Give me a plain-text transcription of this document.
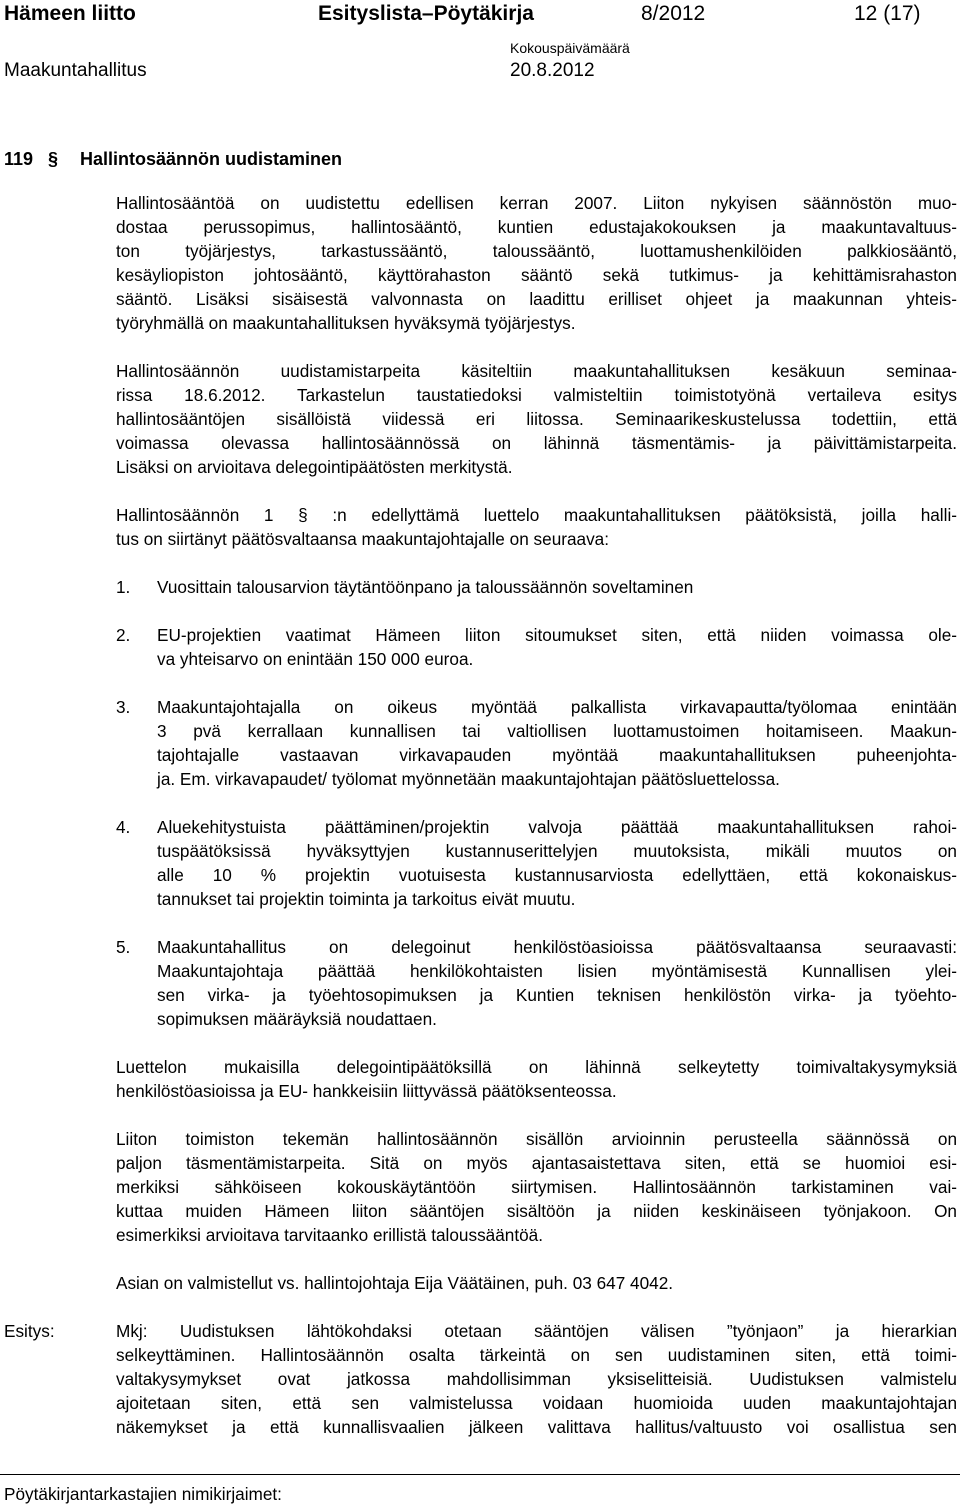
Hämeen liitto	Esityslista–Pöytäkirja	8/2012	12 (17)
Kokouspäivämäärä
Maakuntahallitus	20.8.2012
119 § Hallintosäännön uudistaminen
Hallintosääntöä on uudistettu edellisen kerran 2007. Liiton nykyisen säännöstön muo-
dostaa perussopimus, hallintosääntö, kuntien edustajakokouksen ja maakuntavaltuus-
ton työjärjestys, tarkastussääntö, taloussääntö, luottamushenkilöiden palkkiosääntö,
kesäyliopiston johtosääntö, käyttörahaston sääntö sekä tutkimus- ja kehittämisrahaston
sääntö. Lisäksi sisäisestä valvonnasta on laadittu erilliset ohjeet ja maakunnan yhteis-
työryhmällä on maakuntahallituksen hyväksymä työjärjestys.
Hallintosäännön uudistamistarpeita käsiteltiin maakuntahallituksen kesäkuun seminaa-
rissa 18.6.2012. Tarkastelun taustatiedoksi valmisteltiin toimistotyönä vertaileva esitys
hallintosääntöjen sisällöistä viidessä eri liitossa. Seminaarikeskustelussa todettiin, että
voimassa olevassa hallintosäännössä on lähinnä täsmentämis- ja päivittämistarpeita.
Lisäksi on arvioitava delegointipäätösten merkitystä.
Hallintosäännön 1 § :n edellyttämä luettelo maakuntahallituksen päätöksistä, joilla halli-
tus on siirtänyt päätösvaltaansa maakuntajohtajalle on seuraava:
1. Vuosittain talousarvion täytäntöönpano ja taloussäännön soveltaminen
2. EU-projektien vaatimat Hämeen liiton sitoumukset siten, että niiden voimassa ole-
va yhteisarvo on enintään 150 000 euroa.
3. Maakuntajohtajalla on oikeus myöntää palkallista virkavapautta/työlomaa enintään
3 pvä kerrallaan kunnallisen tai valtiollisen luottamustoimen hoitamiseen. Maakun-
tajohtajalle vastaavan virkavapauden myöntää maakuntahallituksen puheenjohta-
ja. Em. virkavapaudet/ työlomat myönnetään maakuntajohtajan päätösluettelossa.
4. Aluekehitystuista päättäminen/projektin valvoja päättää maakuntahallituksen rahoi-
tuspäätöksissä hyväksyttyjen kustannuserittelyjen muutoksista, mikäli muutos on
alle 10 % projektin vuotuisesta kustannusarviosta edellyttäen, että kokonaiskus-
tannukset tai projektin toiminta ja tarkoitus eivät muutu.
5. Maakuntahallitus on delegoinut henkilöstöasioissa päätösvaltaansa seuraavasti:
Maakuntajohtaja päättää henkilökohtaisten lisien myöntämisestä Kunnallisen ylei-
sen virka- ja työehtosopimuksen ja Kuntien teknisen henkilöstön virka- ja työehto-
sopimuksen määräyksiä noudattaen.
Luettelon mukaisilla delegointipäätöksillä on lähinnä selkeytetty toimivaltakysymyksiä
henkilöstöasioissa ja EU- hankkeisiin liittyvässä päätöksenteossa.
Liiton toimiston tekemän hallintosäännön sisällön arvioinnin perusteella säännössä on
paljon täsmentämistarpeita. Sitä on myös ajantasaistettava siten, että se huomioi esi-
merkiksi sähköiseen kokouskäytäntöön siirtymisen. Hallintosäännön tarkistaminen vai-
kuttaa muiden Hämeen liiton sääntöjen sisältöön ja niiden keskinäiseen työnjakoon. On
esimerkiksi arvioitava tarvitaanko erillistä taloussääntöä.
Asian on valmistellut vs. hallintojohtaja Eija Väätäinen, puh. 03 647 4042.
Esitys:	Mkj: Uudistuksen lähtökohdaksi otetaan sääntöjen välisen ”työnjaon” ja hierarkian
selkeyttäminen. Hallintosäännön osalta tärkeintä on sen uudistaminen siten, että toimi-
valtakysymykset ovat jatkossa mahdollisimman yksiselitteisiä. Uudistuksen valmistelu
ajoitetaan siten, että sen valmistelussa voidaan huomioida uuden maakuntajohtajan
näkemykset ja että kunnallisvaalien jälkeen valittava hallitus/valtuusto voi osallistua sen
Pöytäkirjantarkastajien nimikirjaimet:
